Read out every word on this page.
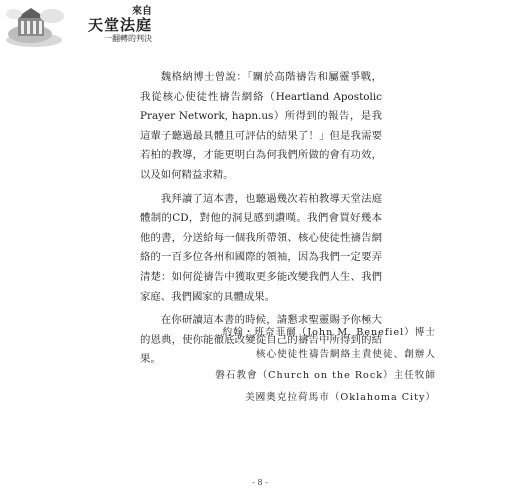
來自
天堂法庭
一翻轉的判決

魏格納博士曾說：「關於高階禱告和屬靈爭戰，我從核心使徒性禱告網絡（Heartland Apostolic Prayer Network, hapn.us）所得到的報告，是我這輩子聽過最具體且可評估的結果了！」但是我需要若柏的教導，才能更明白為何我們所做的會有功效，以及如何精益求精。

我拜讀了這本書，也聽過幾次若柏教導天堂法庭體制的CD，對他的洞見感到讚嘆。我們會買好幾本他的書，分送給每一個我所帶領、核心使徒性禱告網絡的一百多位各州和國際的領袖，因為我們一定要弄清楚：如何從禱告中獲取更多能改變我們人生、我們家庭、我們國家的具體成果。

在你研讀這本書的時候，請懇求聖靈賜予你極大的恩典，使你能徹底改變從自己的禱告中所得到的結果。

約翰・班奈菲爾（John M. Benefiel）博士
核心使徒性禱告網絡主責使徒、創辦人
磐石教會（Church on the Rock）主任牧師
美國奧克拉荷馬市（Oklahoma City）
- 8 -
